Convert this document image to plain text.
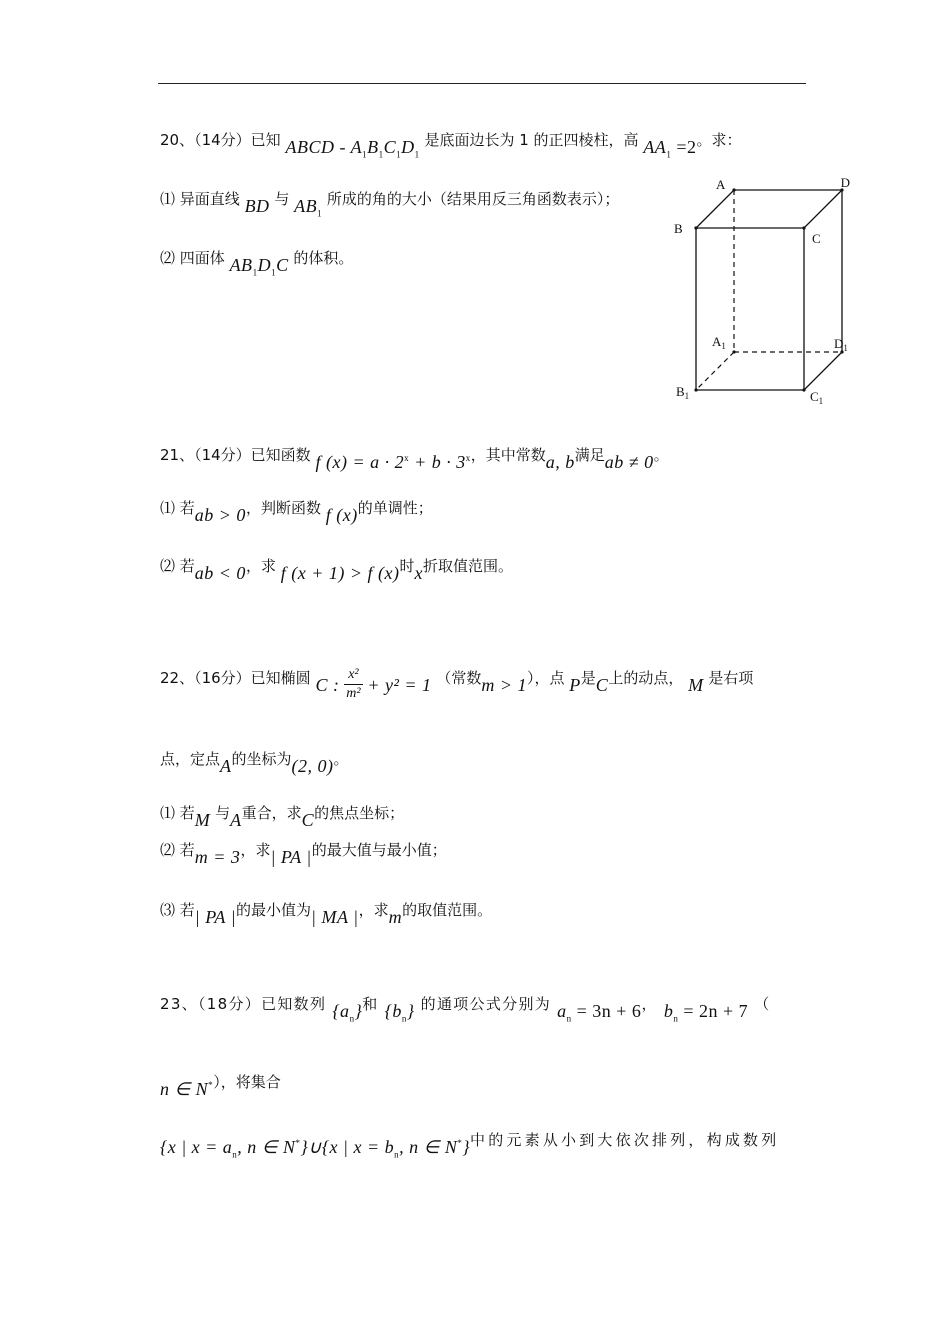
20、（14分）已知 ABCD - $A_1B_1C_1D_1$ 是底面边长为 1 的正四棱柱，高 $AA_1 =2$。求：
⑴ 异面直线 BD 与 $AB_1$ 所成的角的大小（结果用反三角函数表示）；
⑵ 四面体 $AB_1D_1C$ 的体积。
A	D
B
C
$A_1$	$D_1$
$B_1$	$C_1$
21、（14分）已知函数 f $(x) = a \cdot 2^x + b \cdot 3^x$，其中常数a, b满足ab ≠ 0。
⑴ 若ab > 0，判断函数 f (x)的单调性；
⑵ 若ab < 0，求 f (x + 1) > f (x)时x折取值范围。
22、（16分）已知椭圆 C : $\frac{\text{x²}}{\text{m²}} + y^2 = 1$ （常数m > 1），点 P是C上的动点， M 是右项
点，定点A的坐标为(2, 0)。
⑴ 若M 与A重合，求C的焦点坐标；
⑵ 若m = 3，求| PA |的最大值与最小值；
⑶ 若| PA |的最小值为| MA |，求m的取值范围。
23、（18分）已知数列 $\{a_n\}$和 $\{b_n\}$ 的通项公式分别为 $a_n = 3n + 6$， $b_n = 2n + 7$ （
n ∈ N*），将集合
{x | $x = a_n$, n ∈ N*}∪{x | $x = b_n$, n ∈ N*}中的元素从小到大依次排列，构成数列
